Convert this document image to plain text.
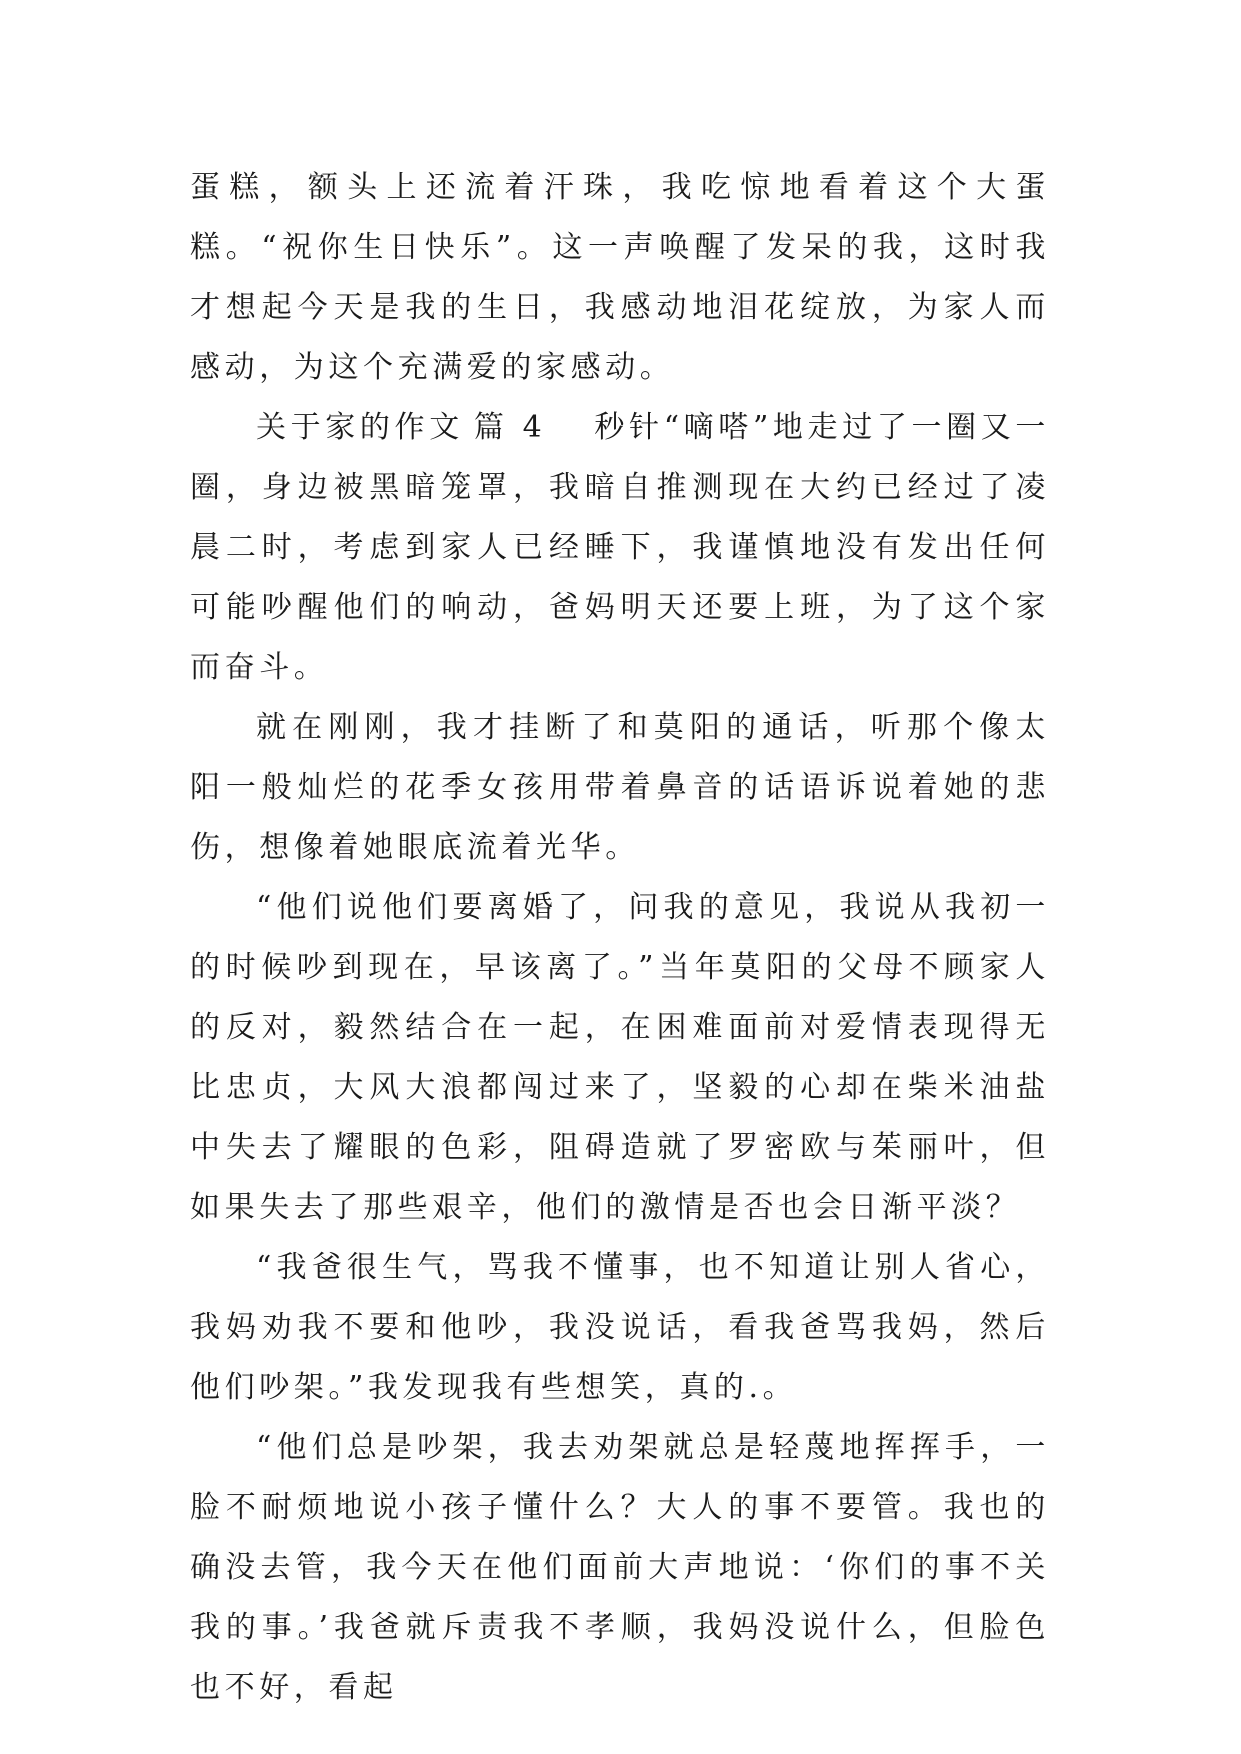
蛋糕，额头上还流着汗珠，我吃惊地看着这个大蛋糕。“祝你生日快乐”。这一声唤醒了发呆的我，这时我才想起今天是我的生日，我感动地泪花绽放，为家人而感动，为这个充满爱的家感动。

关于家的作文 篇 4 秒针“嘀嗒”地走过了一圈又一圈，身边被黑暗笼罩，我暗自推测现在大约已经过了凌晨二时，考虑到家人已经睡下，我谨慎地没有发出任何可能吵醒他们的响动，爸妈明天还要上班，为了这个家而奋斗。

就在刚刚，我才挂断了和莫阳的通话，听那个像太阳一般灿烂的花季女孩用带着鼻音的话语诉说着她的悲伤，想像着她眼底流着光华。

“他们说他们要离婚了，问我的意见，我说从我初一的时候吵到现在，早该离了。”当年莫阳的父母不顾家人的反对，毅然结合在一起，在困难面前对爱情表现得无比忠贞，大风大浪都闯过来了，坚毅的心却在柴米油盐中失去了耀眼的色彩，阻碍造就了罗密欧与茱丽叶，但如果失去了那些艰辛，他们的激情是否也会日渐平淡？

“我爸很生气，骂我不懂事，也不知道让别人省心，我妈劝我不要和他吵，我没说话，看我爸骂我妈，然后他们吵架。”我发现我有些想笑，真的.。

“他们总是吵架，我去劝架就总是轻蔑地挥挥手，一脸不耐烦地说小孩子懂什么？大人的事不要管。我也的确没去管，我今天在他们面前大声地说：‘你们的事不关我的事。’我爸就斥责我不孝顺，我妈没说什么，但脸色也不好，看起
